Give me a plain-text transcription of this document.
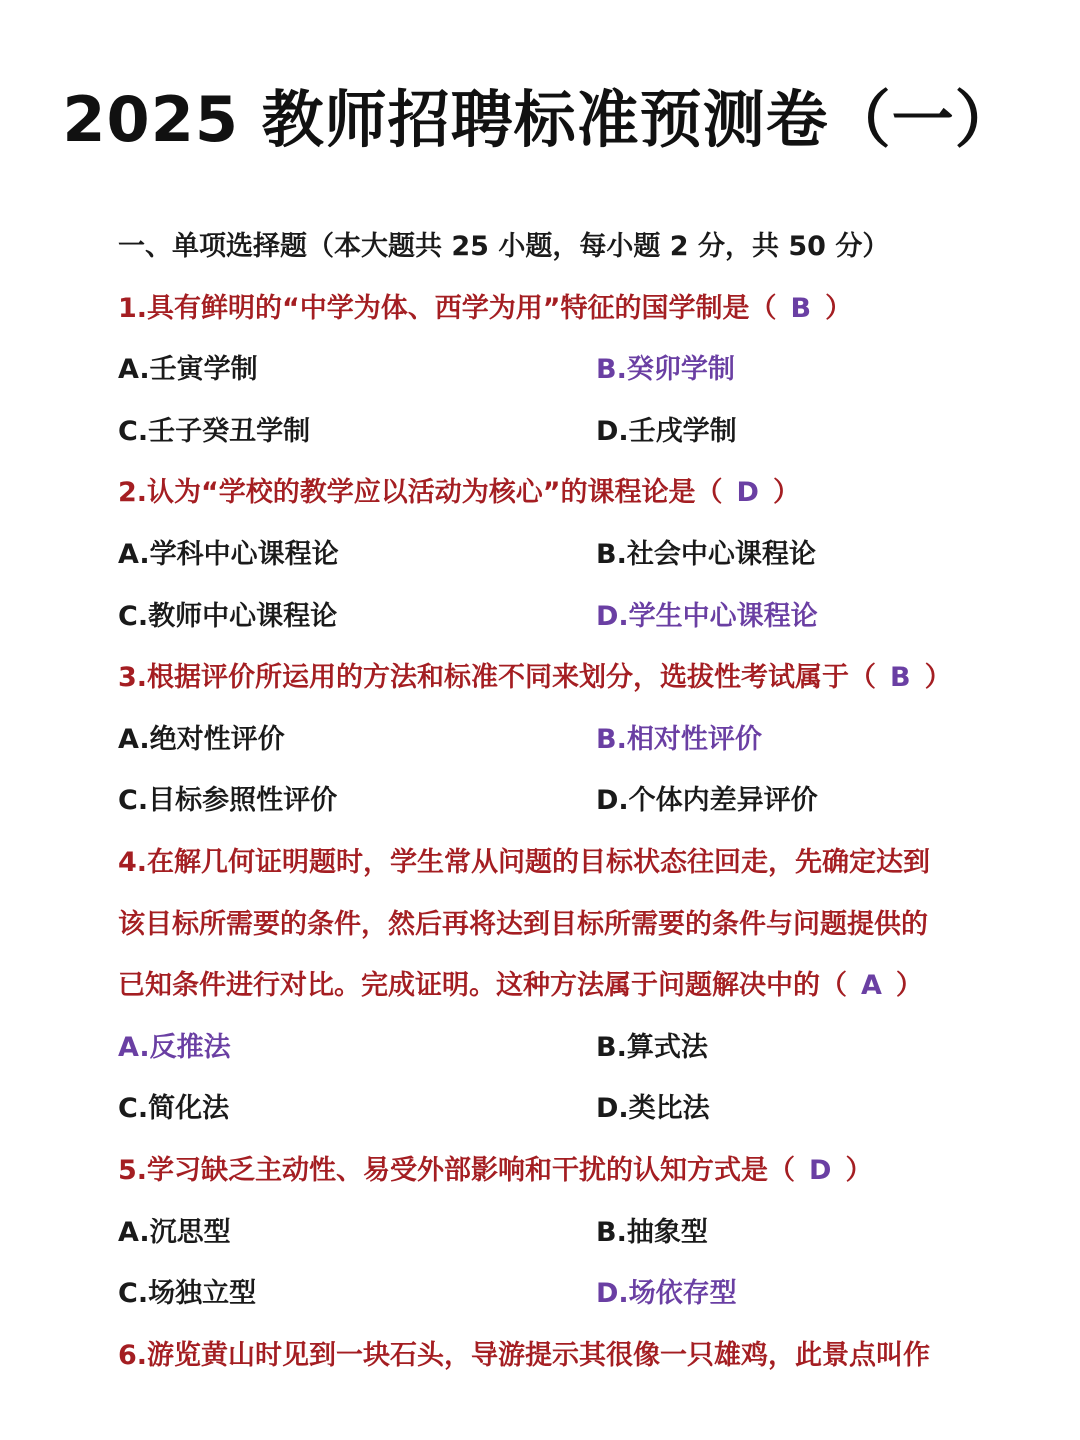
2025 教师招聘标准预测卷（一）
一、单项选择题（本大题共 25 小题，每小题 2 分，共 50 分）
1.具有鲜明的“中学为体、西学为用”特征的国学制是（ B ）
A.壬寅学制	B.癸卯学制
C.壬子癸丑学制	D.壬戌学制
2.认为“学校的教学应以活动为核心”的课程论是（ D ）
A.学科中心课程论	B.社会中心课程论
C.教师中心课程论	D.学生中心课程论
3.根据评价所运用的方法和标准不同来划分，选拔性考试属于（ B ）
A.绝对性评价	B.相对性评价
C.目标参照性评价	D.个体内差异评价
4.在解几何证明题时，学生常从问题的目标状态往回走，先确定达到
该目标所需要的条件，然后再将达到目标所需要的条件与问题提供的
已知条件进行对比。完成证明。这种方法属于问题解决中的（ A ）
A.反推法	B.算式法
C.简化法	D.类比法
5.学习缺乏主动性、易受外部影响和干扰的认知方式是（ D ）
A.沉思型	B.抽象型
C.场独立型	D.场依存型
6.游览黄山时见到一块石头，导游提示其很像一只雄鸡，此景点叫作
